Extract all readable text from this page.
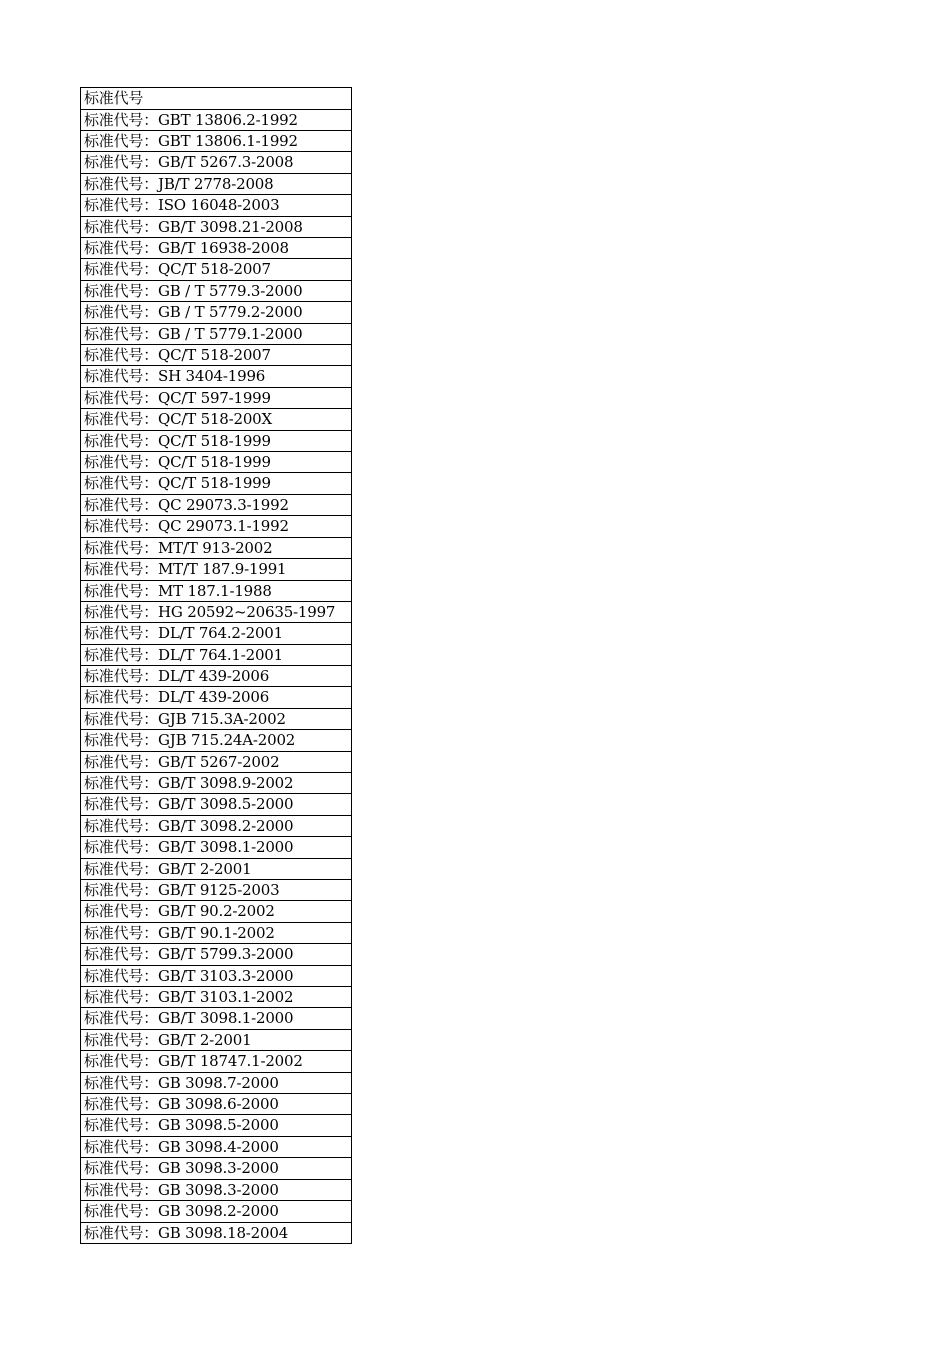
标准代号
标准代号：GBT 13806.2-1992
标准代号：GBT 13806.1-1992
标准代号：GB/T 5267.3-2008
标准代号：JB/T 2778-2008
标准代号：ISO 16048-2003
标准代号：GB/T 3098.21-2008
标准代号：GB/T 16938-2008
标准代号：QC/T 518-2007
标准代号：GB / T 5779.3-2000
标准代号：GB / T 5779.2-2000
标准代号：GB / T 5779.1-2000
标准代号：QC/T 518-2007
标准代号：SH 3404-1996
标准代号：QC/T 597-1999
标准代号：QC/T 518-200X
标准代号：QC/T 518-1999
标准代号：QC/T 518-1999
标准代号：QC/T 518-1999
标准代号：QC 29073.3-1992
标准代号：QC 29073.1-1992
标准代号：MT/T 913-2002
标准代号：MT/T 187.9-1991
标准代号：MT 187.1-1988
标准代号：HG 20592~20635-1997
标准代号：DL/T 764.2-2001
标准代号：DL/T 764.1-2001
标准代号：DL/T 439-2006
标准代号：DL/T 439-2006
标准代号：GJB 715.3A-2002
标准代号：GJB 715.24A-2002
标准代号：GB/T 5267-2002
标准代号：GB/T 3098.9-2002
标准代号：GB/T 3098.5-2000
标准代号：GB/T 3098.2-2000
标准代号：GB/T 3098.1-2000
标准代号：GB/T 2-2001
标准代号：GB/T 9125-2003
标准代号：GB/T 90.2-2002
标准代号：GB/T 90.1-2002
标准代号：GB/T 5799.3-2000
标准代号：GB/T 3103.3-2000
标准代号：GB/T 3103.1-2002
标准代号：GB/T 3098.1-2000
标准代号：GB/T 2-2001
标准代号：GB/T 18747.1-2002
标准代号：GB 3098.7-2000
标准代号：GB 3098.6-2000
标准代号：GB 3098.5-2000
标准代号：GB 3098.4-2000
标准代号：GB 3098.3-2000
标准代号：GB 3098.3-2000
标准代号：GB 3098.2-2000
标准代号：GB 3098.18-2004
